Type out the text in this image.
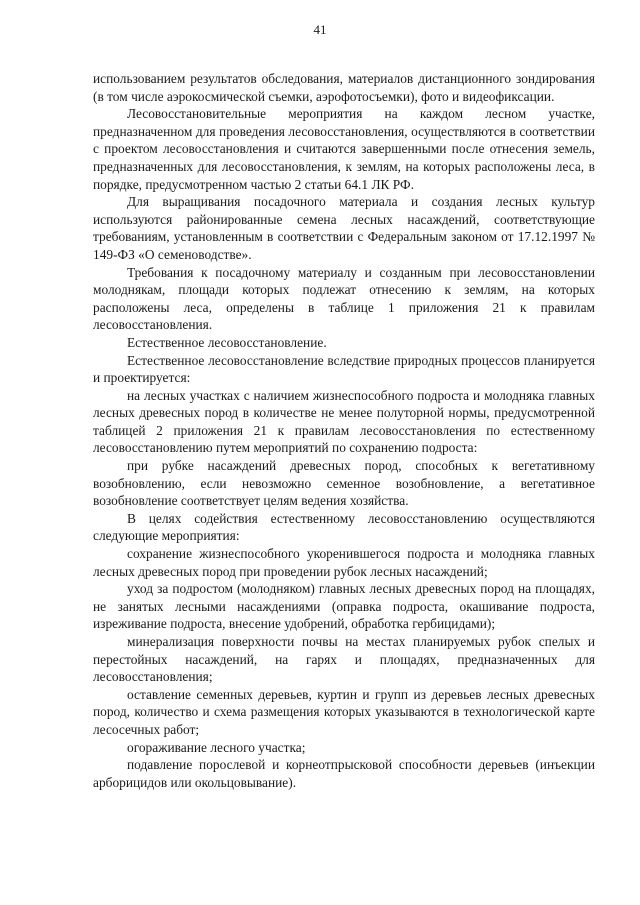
41

использованием результатов обследования, материалов дистанционного зондирования (в том числе аэрокосмической съемки, аэрофотосъемки), фото и видеофиксации.

Лесовосстановительные мероприятия на каждом лесном участке, предназначенном для проведения лесовосстановления, осуществляются в соответствии с проектом лесовосстановления и считаются завершенными после отнесения земель, предназначенных для лесовосстановления, к землям, на которых расположены леса, в порядке, предусмотренном частью 2 статьи 64.1 ЛК РФ.

Для выращивания посадочного материала и создания лесных культур используются районированные семена лесных насаждений, соответствующие требованиям, установленным в соответствии с Федеральным законом от 17.12.1997 № 149-ФЗ «О семеноводстве».

Требования к посадочному материалу и созданным при лесовосстановлении молоднякам, площади которых подлежат отнесению к землям, на которых расположены леса, определены в таблице 1 приложения 21 к правилам лесовосстановления.

Естественное лесовосстановление.

Естественное лесовосстановление вследствие природных процессов планируется и проектируется:

на лесных участках с наличием жизнеспособного подроста и молодняка главных лесных древесных пород в количестве не менее полуторной нормы, предусмотренной таблицей 2 приложения 21 к правилам лесовосстановления по естественному лесовосстановлению путем мероприятий по сохранению подроста:

при рубке насаждений древесных пород, способных к вегетативному возобновлению, если невозможно семенное возобновление, а вегетативное возобновление соответствует целям ведения хозяйства.

В целях содействия естественному лесовосстановлению осуществляются следующие мероприятия:

сохранение жизнеспособного укоренившегося подроста и молодняка главных лесных древесных пород при проведении рубок лесных насаждений;

уход за подростом (молодняком) главных лесных древесных пород на площадях, не занятых лесными насаждениями (оправка подроста, окашивание подроста, изреживание подроста, внесение удобрений, обработка гербицидами);

минерализация поверхности почвы на местах планируемых рубок спелых и перестойных насаждений, на гарях и площадях, предназначенных для лесовосстановления;

оставление семенных деревьев, куртин и групп из деревьев лесных древесных пород, количество и схема размещения которых указываются в технологической карте лесосечных работ;

огораживание лесного участка;

подавление порослевой и корнеотпрысковой способности деревьев (инъекции арборицидов или окольцовывание).
